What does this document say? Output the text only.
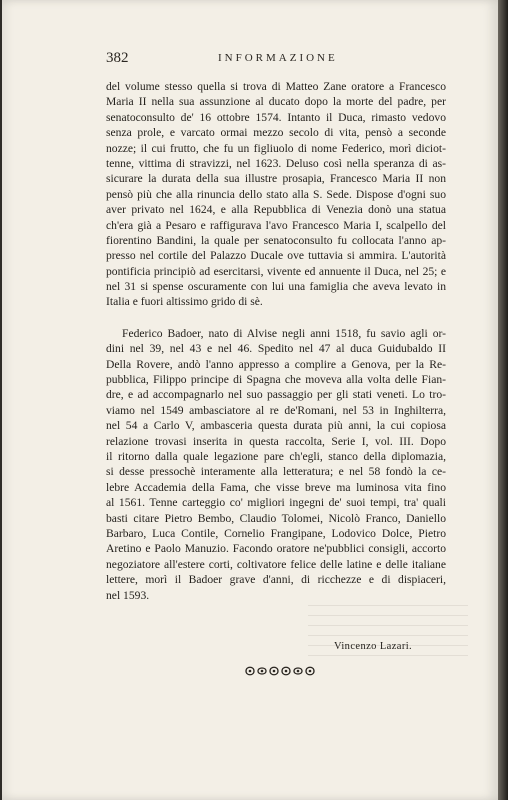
382	INFORMAZIONE
del volume stesso quella si trova di Matteo Zane oratore a Francesco
Maria II nella sua assunzione al ducato dopo la morte del padre, per
senatoconsulto de' 16 ottobre 1574. Intanto il Duca, rimasto vedovo
senza prole, e varcato ormai mezzo secolo di vita, pensò a seconde
nozze; il cui frutto, che fu un figliuolo di nome Federico, morì diciot-
tenne, vittima di stravizzi, nel 1623. Deluso così nella speranza di as-
sicurare la durata della sua illustre prosapia, Francesco Maria II non
pensò più che alla rinuncia dello stato alla S. Sede. Dispose d'ogni suo
aver privato nel 1624, e alla Repubblica di Venezia donò una statua
ch'era già a Pesaro e raffigurava l'avo Francesco Maria I, scalpello del
fiorentino Bandini, la quale per senatoconsulto fu collocata l'anno ap-
presso nel cortile del Palazzo Ducale ove tuttavia si ammira. L'autorità
pontificia principiò ad esercitarsi, vivente ed annuente il Duca, nel 25; e
nel 31 si spense oscuramente con lui una famiglia che aveva levato in
Italia e fuori altissimo grido di sè.
Federico Badoer, nato di Alvise negli anni 1518, fu savio agli or-
dini nel 39, nel 43 e nel 46. Spedito nel 47 al duca Guidubaldo II
Della Rovere, andò l'anno appresso a complire a Genova, per la Re-
pubblica, Filippo principe di Spagna che moveva alla volta delle Fian-
dre, e ad accompagnarlo nel suo passaggio per gli stati veneti. Lo tro-
viamo nel 1549 ambasciatore al re de'Romani, nel 53 in Inghilterra,
nel 54 a Carlo V, ambasceria questa durata più anni, la cui copiosa
relazione trovasi inserita in questa raccolta, Serie I, vol. III. Dopo
il ritorno dalla quale legazione pare ch'egli, stanco della diplomazia,
si desse pressochè interamente alla letteratura; e nel 58 fondò la ce-
lebre Accademia della Fama, che visse breve ma luminosa vita fino
al 1561. Tenne carteggio co' migliori ingegni de' suoi tempi, tra' quali
basti citare Pietro Bembo, Claudio Tolomei, Nicolò Franco, Daniello
Barbaro, Luca Contile, Cornelio Frangipane, Lodovico Dolce, Pietro
Aretino e Paolo Manuzio. Facondo oratore ne'pubblici consigli, accorto
negoziatore all'estere corti, coltivatore felice delle latine e delle italiane
lettere, morì il Badoer grave d'anni, di ricchezze e di dispiaceri,
nel 1593.
Vincenzo Lazari.
